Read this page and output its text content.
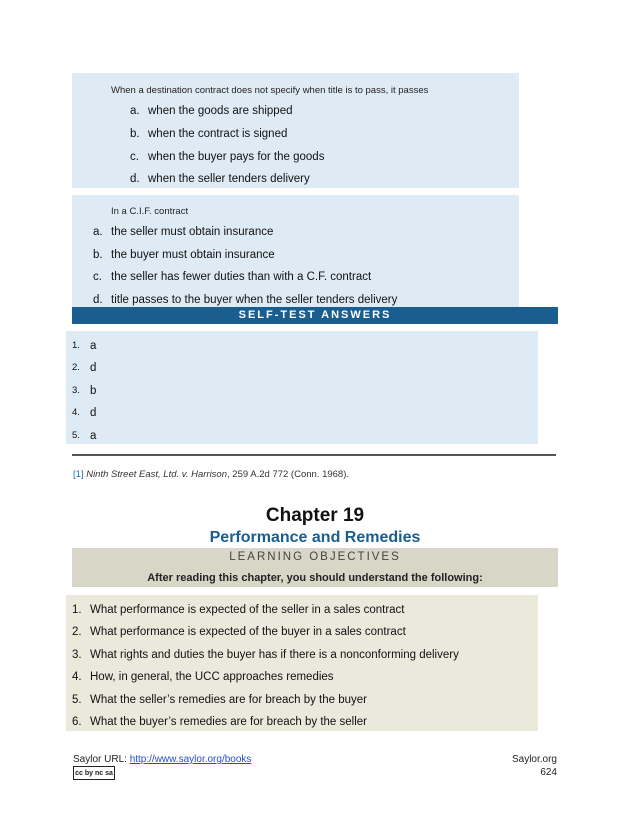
When a destination contract does not specify when title is to pass, it passes
a. when the goods are shipped
b. when the contract is signed
c. when the buyer pays for the goods
d. when the seller tenders delivery
In a C.I.F. contract
a. the seller must obtain insurance
b. the buyer must obtain insurance
c. the seller has fewer duties than with a C.F. contract
d. title passes to the buyer when the seller tenders delivery
SELF-TEST ANSWERS
1. a
2. d
3. b
4. d
5. a
[1] Ninth Street East, Ltd. v. Harrison, 259 A.2d 772 (Conn. 1968).
Chapter 19
Performance and Remedies
LEARNING OBJECTIVES
After reading this chapter, you should understand the following:
1. What performance is expected of the seller in a sales contract
2. What performance is expected of the buyer in a sales contract
3. What rights and duties the buyer has if there is a nonconforming delivery
4. How, in general, the UCC approaches remedies
5. What the seller’s remedies are for breach by the buyer
6. What the buyer’s remedies are for breach by the seller
Saylor URL: http://www.saylor.org/books
cc by nc sa
Saylor.org
624
